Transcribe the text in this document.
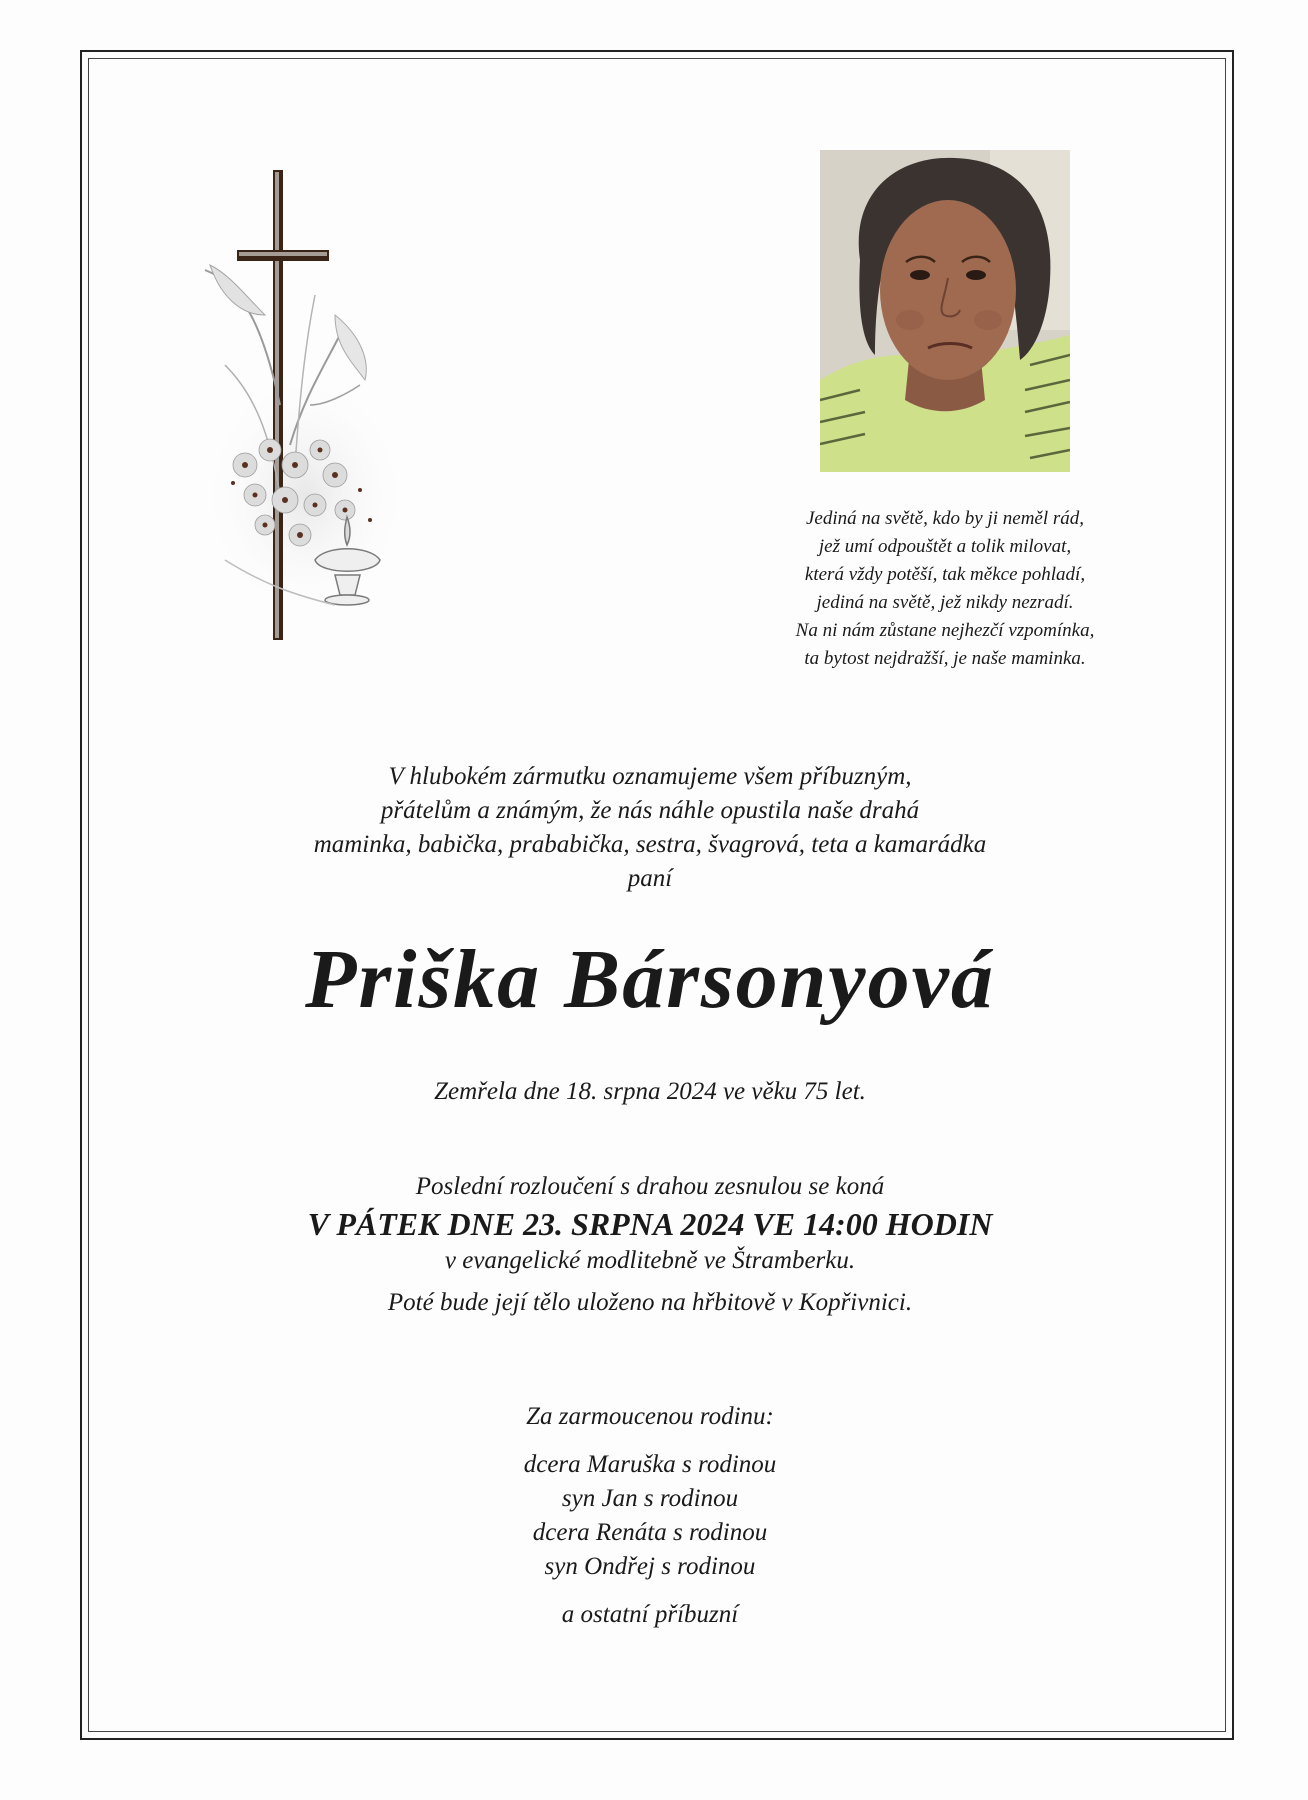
Jediná na světě, kdo by ji neměl rád,
jež umí odpouštět a tolik milovat,
která vždy potěší, tak měkce pohladí,
jediná na světě, jež nikdy nezradí.
Na ni nám zůstane nejhezčí vzpomínka,
ta bytost nejdražší, je naše maminka.
V hlubokém zármutku oznamujeme všem příbuzným,
přátelům a známým, že nás náhle opustila naše drahá
maminka, babička, prababička, sestra, švagrová, teta a kamarádka
paní
Priška Bársonyová
Zemřela dne 18. srpna 2024 ve věku 75 let.
Poslední rozloučení s drahou zesnulou se koná
V PÁTEK DNE 23. SRPNA 2024 VE 14:00 HODIN
v evangelické modlitebně ve Štramberku.
Poté bude její tělo uloženo na hřbitově v Kopřivnici.
Za zarmoucenou rodinu:
dcera Maruška s rodinou
syn Jan s rodinou
dcera Renáta s rodinou
syn Ondřej s rodinou
a ostatní příbuzní
